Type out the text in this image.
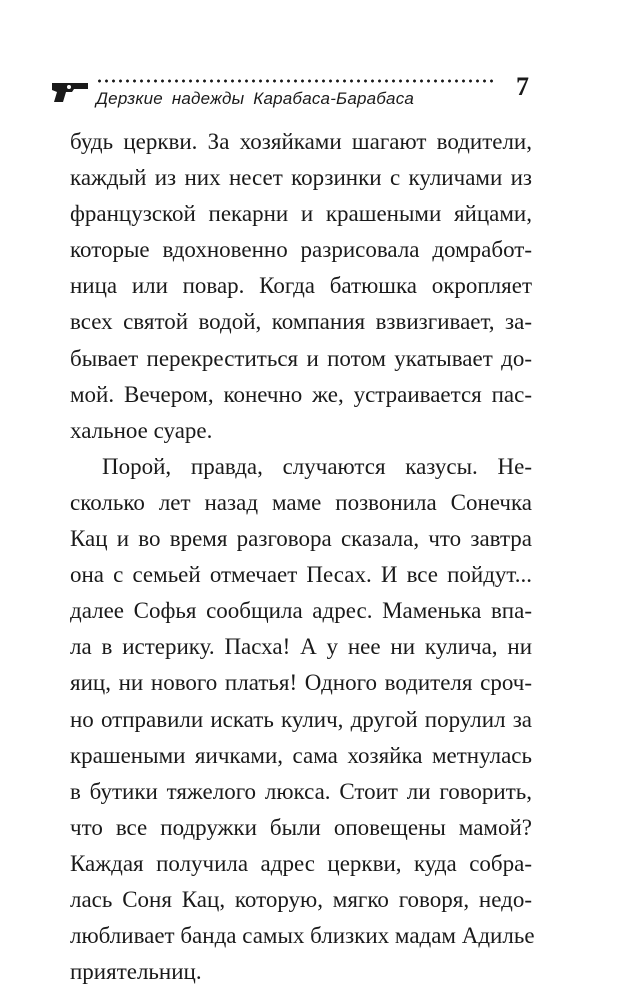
Дерзкие надежды Карабаса-Барабаса	7
будь церкви. За хозяйками шагают водители,
каждый из них несет корзинки с куличами из
французской пекарни и крашеными яйцами,
которые вдохновенно разрисовала домработ-
ница или повар. Когда батюшка окропляет
всех святой водой, компания взвизгивает, за-
бывает перекреститься и потом укатывает до-
мой. Вечером, конечно же, устраивается пас-
хальное суаре.
Порой, правда, случаются казусы. Не-
сколько лет назад маме позвонила Сонечка
Кац и во время разговора сказала, что завтра
она с семьей отмечает Песах. И все пойдут...
далее Софья сообщила адрес. Маменька впа-
ла в истерику. Пасха! А у нее ни кулича, ни
яиц, ни нового платья! Одного водителя сроч-
но отправили искать кулич, другой порулил за
крашеными яичками, сама хозяйка метнулась
в бутики тяжелого люкса. Стоит ли говорить,
что все подружки были оповещены мамой?
Каждая получила адрес церкви, куда собра-
лась Соня Кац, которую, мягко говоря, недо-
любливает банда самых близких мадам Адилье
приятельниц.
